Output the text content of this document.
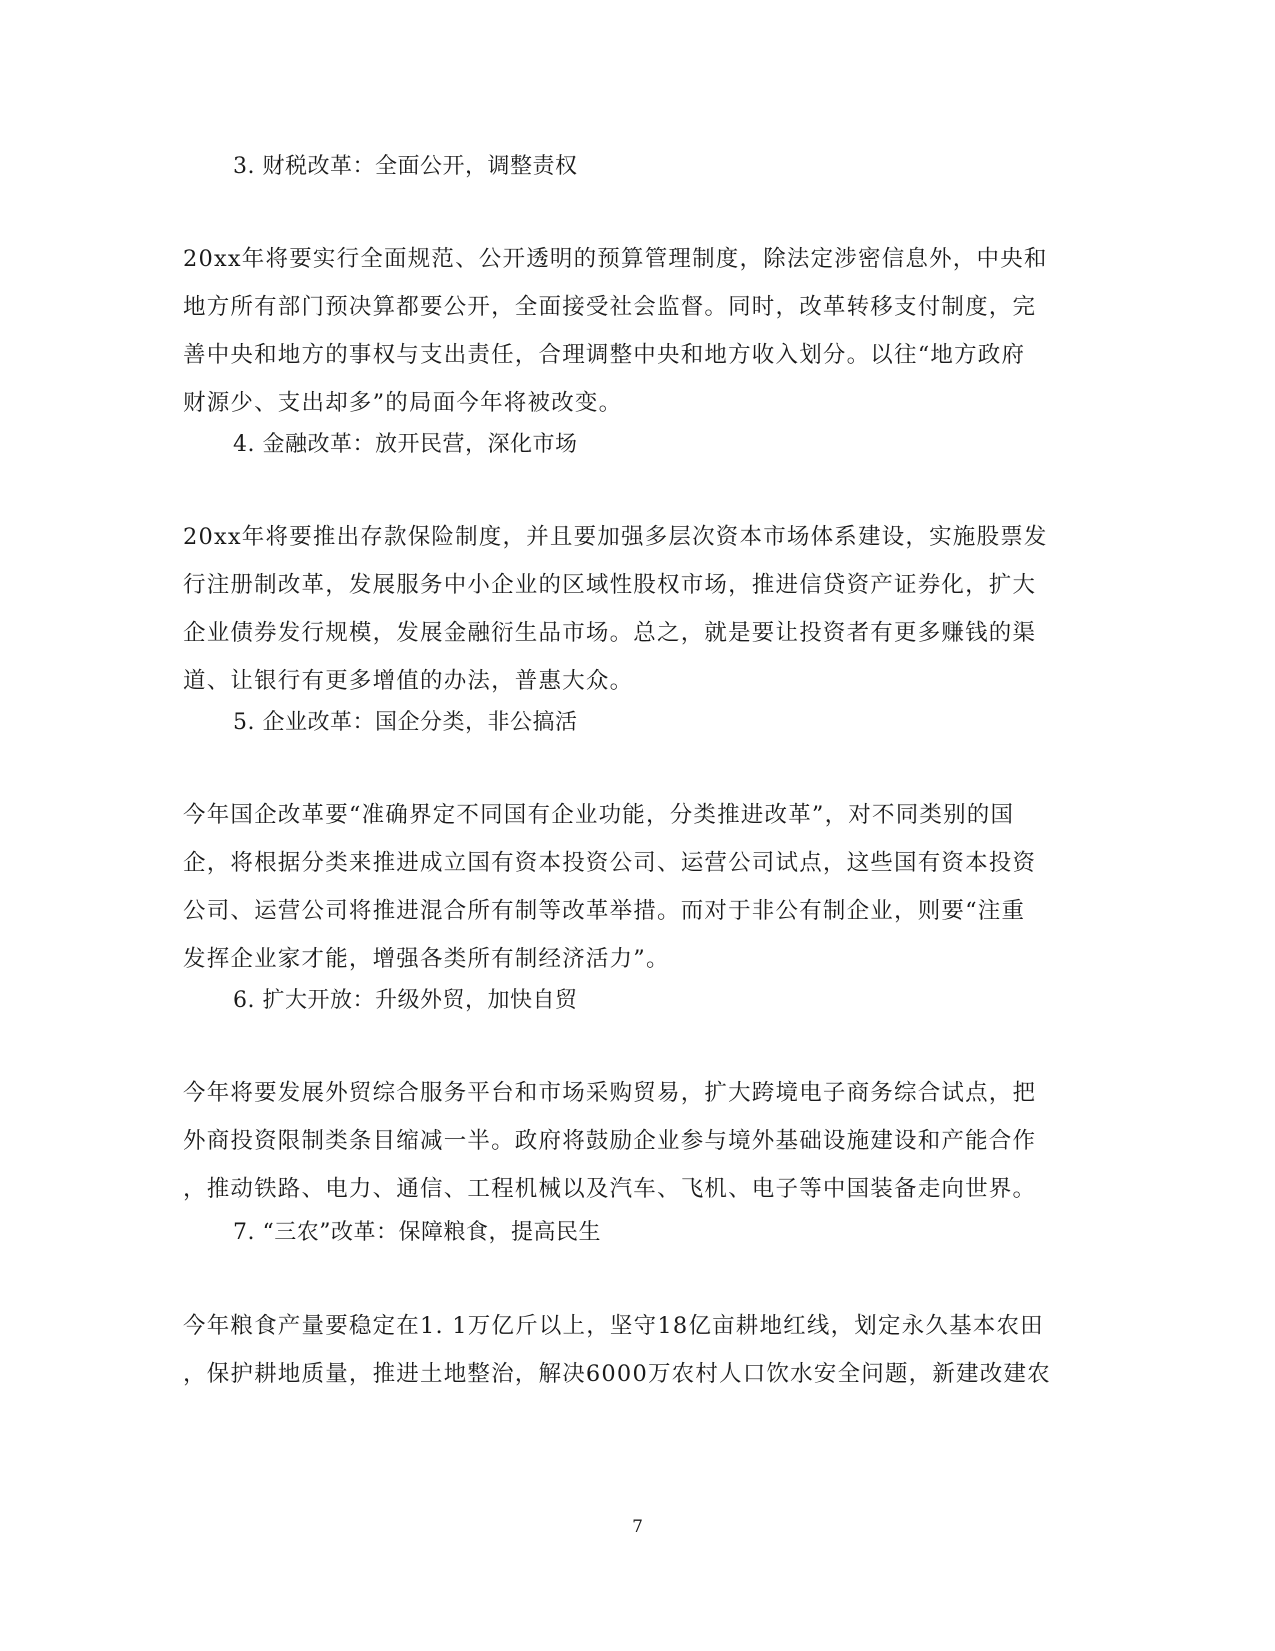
3. 财税改革：全面公开，调整责权
20xx年将要实行全面规范、公开透明的预算管理制度，除法定涉密信息外，中央和
地方所有部门预决算都要公开，全面接受社会监督。同时，改革转移支付制度，完
善中央和地方的事权与支出责任，合理调整中央和地方收入划分。以往“地方政府
财源少、支出却多”的局面今年将被改变。
4. 金融改革：放开民营，深化市场
20xx年将要推出存款保险制度，并且要加强多层次资本市场体系建设，实施股票发
行注册制改革，发展服务中小企业的区域性股权市场，推进信贷资产证券化，扩大
企业债券发行规模，发展金融衍生品市场。总之，就是要让投资者有更多赚钱的渠
道、让银行有更多增值的办法，普惠大众。
5. 企业改革：国企分类，非公搞活
今年国企改革要“准确界定不同国有企业功能，分类推进改革”，对不同类别的国
企，将根据分类来推进成立国有资本投资公司、运营公司试点，这些国有资本投资
公司、运营公司将推进混合所有制等改革举措。而对于非公有制企业，则要“注重
发挥企业家才能，增强各类所有制经济活力”。
6. 扩大开放：升级外贸，加快自贸
今年将要发展外贸综合服务平台和市场采购贸易，扩大跨境电子商务综合试点，把
外商投资限制类条目缩减一半。政府将鼓励企业参与境外基础设施建设和产能合作
，推动铁路、电力、通信、工程机械以及汽车、飞机、电子等中国装备走向世界。
7. “三农”改革：保障粮食，提高民生
今年粮食产量要稳定在1. 1万亿斤以上，坚守18亿亩耕地红线，划定永久基本农田
，保护耕地质量，推进土地整治，解决6000万农村人口饮水安全问题，新建改建农
7
